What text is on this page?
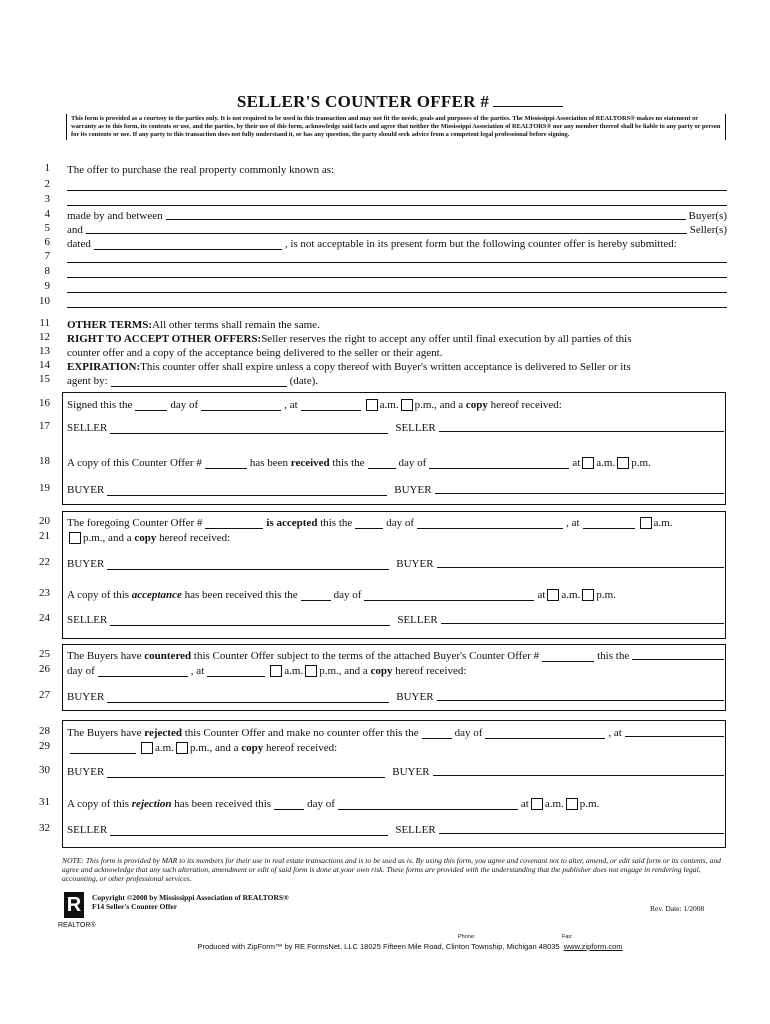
SELLER'S COUNTER OFFER #
This form is provided as a courtesy to the parties only. It is not required to be used in this transaction and may not fit the needs, goals and purposes of the parties. The Mississippi Association of REALTORS® makes no statement or warranty as to this form, its contents or use, and the parties, by their use of this form, acknowledge said facts and agree that neither the Mississippi Association of REALTORS® nor any member thereof shall be liable to any party or person for its contents or use. If any party to this transaction does not fully understand it, or has any question, the party should seek advice from a competent legal professional before signing.
1
2
3
4
5
6
7
8
9
10
11
12
13
14
15
16
17
18
19
20
21
22
23
24
25
26
27
28
29
30
31
32
The offer to purchase the real property commonly known as:
made by and between	Buyer(s)
and	Seller(s)
dated	, is not acceptable in its present form but the following counter offer is hereby submitted:
OTHER TERMS: All other terms shall remain the same.
RIGHT TO ACCEPT OTHER OFFERS: Seller reserves the right to accept any offer until final execution by all parties of this
counter offer and a copy of the acceptance being delivered to the seller or their agent.
EXPIRATION: This counter offer shall expire unless a copy thereof with Buyer's written acceptance is delivered to Seller or its
agent by:	(date).
Signed this the	day of	, at	a.m. p.m., and a
copy
hereof received:
SELLER	SELLER
A copy of this Counter Offer #	has been
received
this the	day of	at a.m. p.m.
BUYER	BUYER
The foregoing Counter Offer #	is accepted
this the	day of	, at	a.m.
p.m., and a
copy
hereof received:
BUYER	BUYER
A copy of this
acceptance
has been received this the	day of	at a.m. p.m.
SELLER	SELLER
The Buyers have
countered
this Counter Offer subject to the terms of the attached Buyer's Counter Offer #	this the
day of	, at	a.m. p.m., and a
copy
hereof received:
BUYER	BUYER
The Buyers have
rejected
this Counter Offer and make no counter offer this the	day of	, at
a.m. p.m., and a
copy
hereof received:
BUYER	BUYER
A copy of this
rejection
has been received this	day of	at a.m. p.m.
SELLER	SELLER
NOTE: This form is provided by MAR to its members for their use in real estate transactions and is to be used as is. By using this form, you agree and covenant not to alter, amend, or edit said form or its contents, and agree and acknowledge that any such alteration, amendment or edit of said form is done at your own risk. These forms are provided with the understanding that the publisher does not engage in rendering legal, accounting, or other professional services.
R
REALTOR®
Copyright ©2008 by Mississippi Association of REALTORS®
F14 Seller's Counter Offer	Rev. Date: 1/2008
Phone:	Fax:
Produced with ZipForm™ by RE FormsNet, LLC 18025 Fifteen Mile Road, Clinton Township, Michigan 48035 www.zipform.com
